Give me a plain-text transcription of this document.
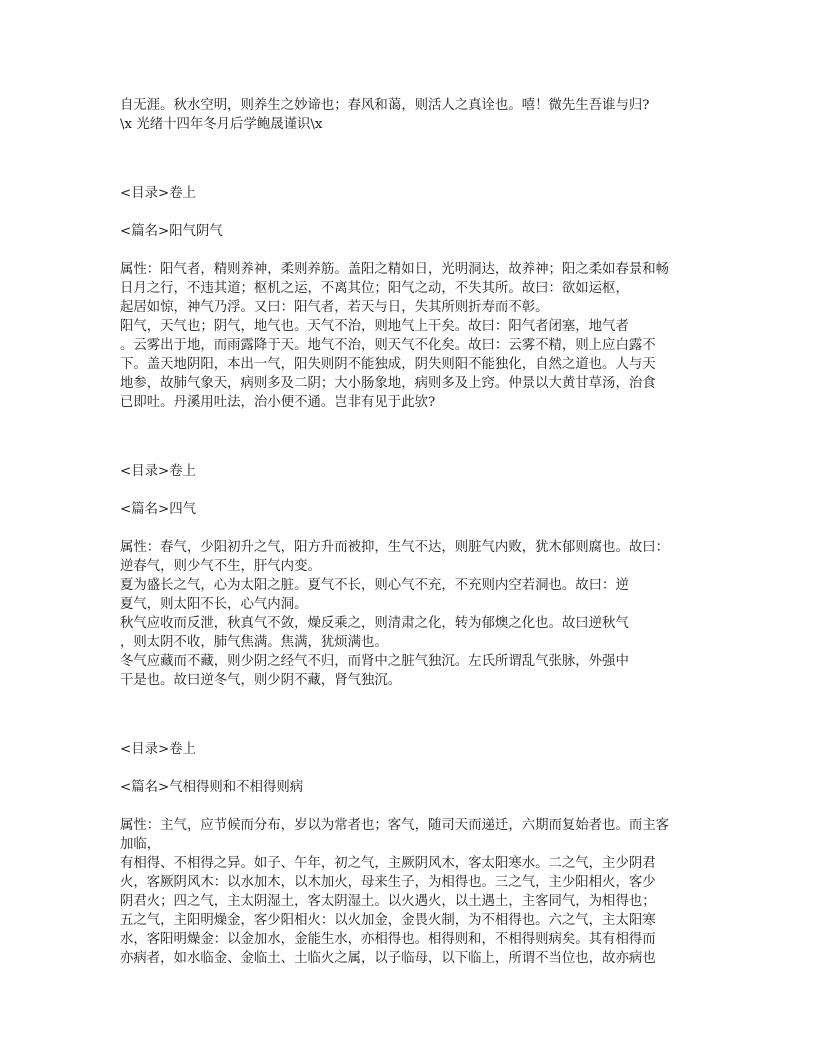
自无涯。秋水空明，则养生之妙谛也；春风和蔼，则活人之真诠也。嘻！微先生吾谁与归?
\x 光绪十四年冬月后学鲍晟谨识\x
<目录>卷上
<篇名>阳气阴气
属性：阳气者，精则养神，柔则养筋。盖阳之精如日，光明洞达，故养神；阳之柔如春景和畅
日月之行，不违其道；枢机之运，不离其位；阳气之动，不失其所。故曰：欲如运枢，
起居如惊，神气乃浮。又曰：阳气者，若天与日，失其所则折寿而不彰。
阳气，天气也；阴气，地气也。天气不治，则地气上干矣。故曰：阳气者闭塞，地气者
。云雾出于地，而雨露降于天。地气不治，则天气不化矣。故曰：云雾不精，则上应白露不
下。盖天地阴阳，本出一气，阳失则阴不能独成，阴失则阳不能独化，自然之道也。人与天
地参，故肺气象天，病则多及二阴；大小肠象地，病则多及上窍。仲景以大黄甘草汤，治食
已即吐。丹溪用吐法，治小便不通。岂非有见于此欤?
<目录>卷上
<篇名>四气
属性：春气，少阳初升之气，阳方升而被抑，生气不达，则脏气内败，犹木郁则腐也。故曰：
逆春气，则少气不生，肝气内变。
夏为盛长之气，心为太阳之脏。夏气不长，则心气不充，不充则内空若洞也。故曰：逆
夏气，则太阳不长，心气内洞。
秋气应收而反泄，秋真气不敛，燥反乘之，则清肃之化，转为郁燠之化也。故曰逆秋气
，则太阴不收，肺气焦满。焦满，犹烦满也。
冬气应藏而不藏，则少阴之经气不归，而肾中之脏气独沉。左氏所谓乱气张脉，外强中
干是也。故曰逆冬气，则少阴不藏，肾气独沉。
<目录>卷上
<篇名>气相得则和不相得则病
属性：主气，应节候而分布，岁以为常者也；客气，随司天而递迁，六期而复始者也。而主客
加临，
有相得、不相得之异。如子、午年，初之气，主厥阴风木，客太阳寒水。二之气，主少阴君
火，客厥阴风木：以水加木，以木加火，母来生子，为相得也。三之气，主少阳相火，客少
阴君火；四之气，主太阴湿土，客太阴湿土。以火遇火，以土遇土，主客同气，为相得也；
五之气，主阳明燥金，客少阳相火：以火加金，金畏火制，为不相得也。六之气，主太阳寒
水，客阳明燥金：以金加水，金能生水，亦相得也。相得则和，不相得则病矣。其有相得而
亦病者，如水临金、金临土、土临火之属，以子临母，以下临上，所谓不当位也，故亦病也
